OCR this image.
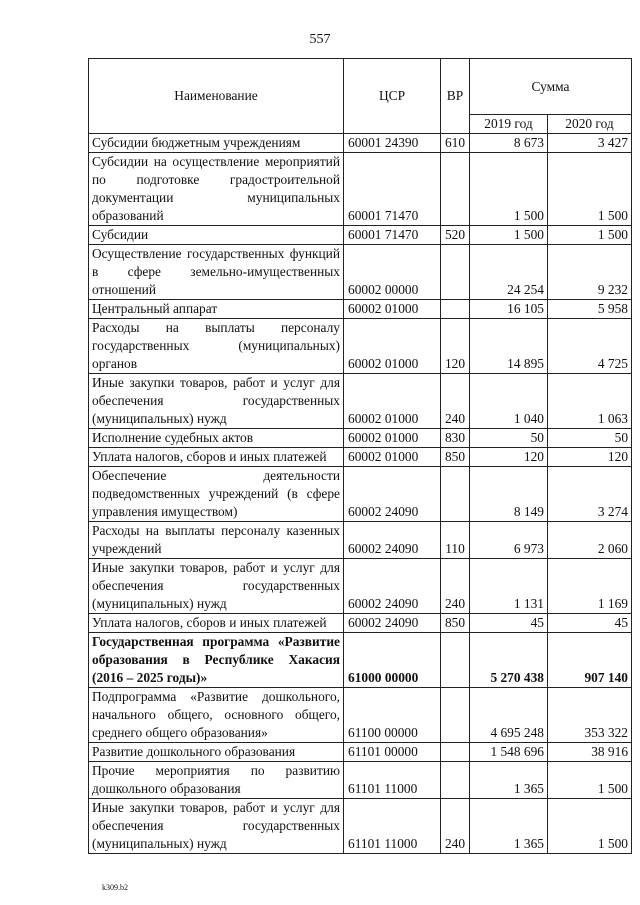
557
Наименование	ЦСР	ВР	Сумма	
			2019 год	2020 год
Субсидии бюджетным учреждениям	60001 24390	610	8 673	3 427
Субсидии на осуществление мероприятий по подготовке градостроительной документации муниципальных образований	60001 71470		1 500	1 500
Субсидии	60001 71470	520	1 500	1 500
Осуществление государственных функций в сфере земельно-имущественных отношений	60002 00000		24 254	9 232
Центральный аппарат	60002 01000		16 105	5 958
Расходы на выплаты персоналу государственных (муниципальных) органов	60002 01000	120	14 895	4 725
Иные закупки товаров, работ и услуг для обеспечения государственных (муниципальных) нужд	60002 01000	240	1 040	1 063
Исполнение судебных актов	60002 01000	830	50	50
Уплата налогов, сборов и иных платежей	60002 01000	850	120	120
Обеспечение деятельности подведомственных учреждений (в сфере управления имуществом)	60002 24090		8 149	3 274
Расходы на выплаты персоналу казенных учреждений	60002 24090	110	6 973	2 060
Иные закупки товаров, работ и услуг для обеспечения государственных (муниципальных) нужд	60002 24090	240	1 131	1 169
Уплата налогов, сборов и иных платежей	60002 24090	850	45	45
Государственная программа «Развитие образования в Республике Хакасия (2016 – 2025 годы)»	61000 00000		5 270 438	907 140
Подпрограмма «Развитие дошкольного, начального общего, основного общего, среднего общего образования»	61100 00000		4 695 248	353 322
Развитие дошкольного образования	61101 00000		1 548 696	38 916
Прочие мероприятия по развитию дошкольного образования	61101 11000		1 365	1 500
Иные закупки товаров, работ и услуг для обеспечения государственных (муниципальных) нужд	61101 11000	240	1 365	1 500
k309.b2
